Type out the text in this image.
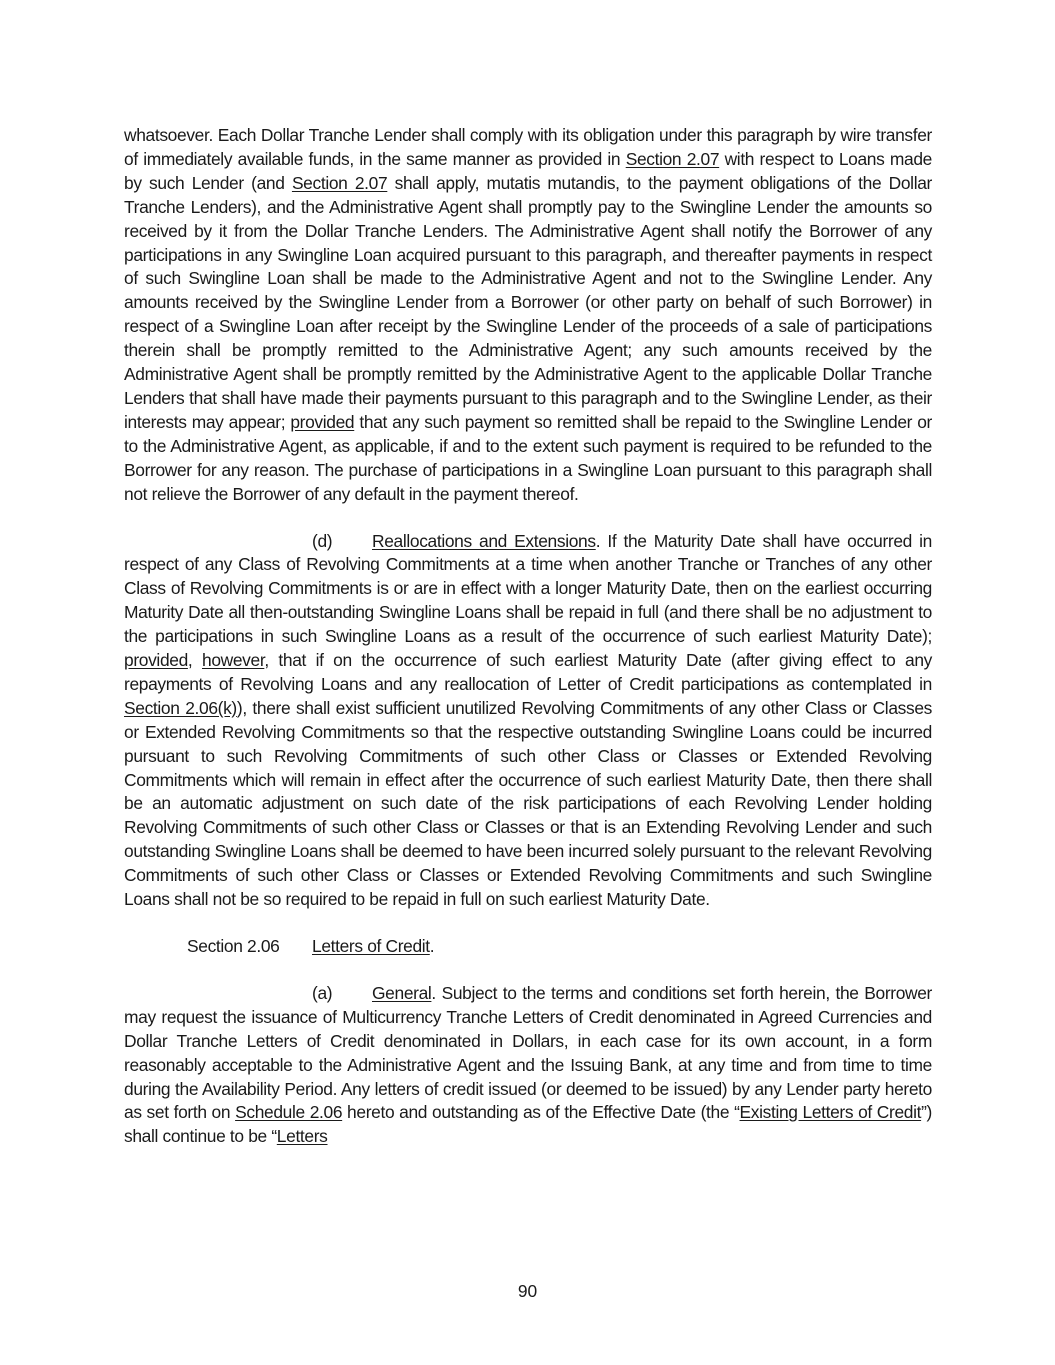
whatsoever. Each Dollar Tranche Lender shall comply with its obligation under this paragraph by wire transfer of immediately available funds, in the same manner as provided in Section 2.07 with respect to Loans made by such Lender (and Section 2.07 shall apply, mutatis mutandis, to the payment obligations of the Dollar Tranche Lenders), and the Administrative Agent shall promptly pay to the Swingline Lender the amounts so received by it from the Dollar Tranche Lenders. The Administrative Agent shall notify the Borrower of any participations in any Swingline Loan acquired pursuant to this paragraph, and thereafter payments in respect of such Swingline Loan shall be made to the Administrative Agent and not to the Swingline Lender. Any amounts received by the Swingline Lender from a Borrower (or other party on behalf of such Borrower) in respect of a Swingline Loan after receipt by the Swingline Lender of the proceeds of a sale of participations therein shall be promptly remitted to the Administrative Agent; any such amounts received by the Administrative Agent shall be promptly remitted by the Administrative Agent to the applicable Dollar Tranche Lenders that shall have made their payments pursuant to this paragraph and to the Swingline Lender, as their interests may appear; provided that any such payment so remitted shall be repaid to the Swingline Lender or to the Administrative Agent, as applicable, if and to the extent such payment is required to be refunded to the Borrower for any reason. The purchase of participations in a Swingline Loan pursuant to this paragraph shall not relieve the Borrower of any default in the payment thereof.

(d) Reallocations and Extensions. If the Maturity Date shall have occurred in respect of any Class of Revolving Commitments at a time when another Tranche or Tranches of any other Class of Revolving Commitments is or are in effect with a longer Maturity Date, then on the earliest occurring Maturity Date all then-outstanding Swingline Loans shall be repaid in full (and there shall be no adjustment to the participations in such Swingline Loans as a result of the occurrence of such earliest Maturity Date); provided, however, that if on the occurrence of such earliest Maturity Date (after giving effect to any repayments of Revolving Loans and any reallocation of Letter of Credit participations as contemplated in Section 2.06(k)), there shall exist sufficient unutilized Revolving Commitments of any other Class or Classes or Extended Revolving Commitments so that the respective outstanding Swingline Loans could be incurred pursuant to such Revolving Commitments of such other Class or Classes or Extended Revolving Commitments which will remain in effect after the occurrence of such earliest Maturity Date, then there shall be an automatic adjustment on such date of the risk participations of each Revolving Lender holding Revolving Commitments of such other Class or Classes or that is an Extending Revolving Lender and such outstanding Swingline Loans shall be deemed to have been incurred solely pursuant to the relevant Revolving Commitments of such other Class or Classes or Extended Revolving Commitments and such Swingline Loans shall not be so required to be repaid in full on such earliest Maturity Date.

Section 2.06 Letters of Credit.

(a) General. Subject to the terms and conditions set forth herein, the Borrower may request the issuance of Multicurrency Tranche Letters of Credit denominated in Agreed Currencies and Dollar Tranche Letters of Credit denominated in Dollars, in each case for its own account, in a form reasonably acceptable to the Administrative Agent and the Issuing Bank, at any time and from time to time during the Availability Period. Any letters of credit issued (or deemed to be issued) by any Lender party hereto as set forth on Schedule 2.06 hereto and outstanding as of the Effective Date (the “Existing Letters of Credit”) shall continue to be “Letters

90
